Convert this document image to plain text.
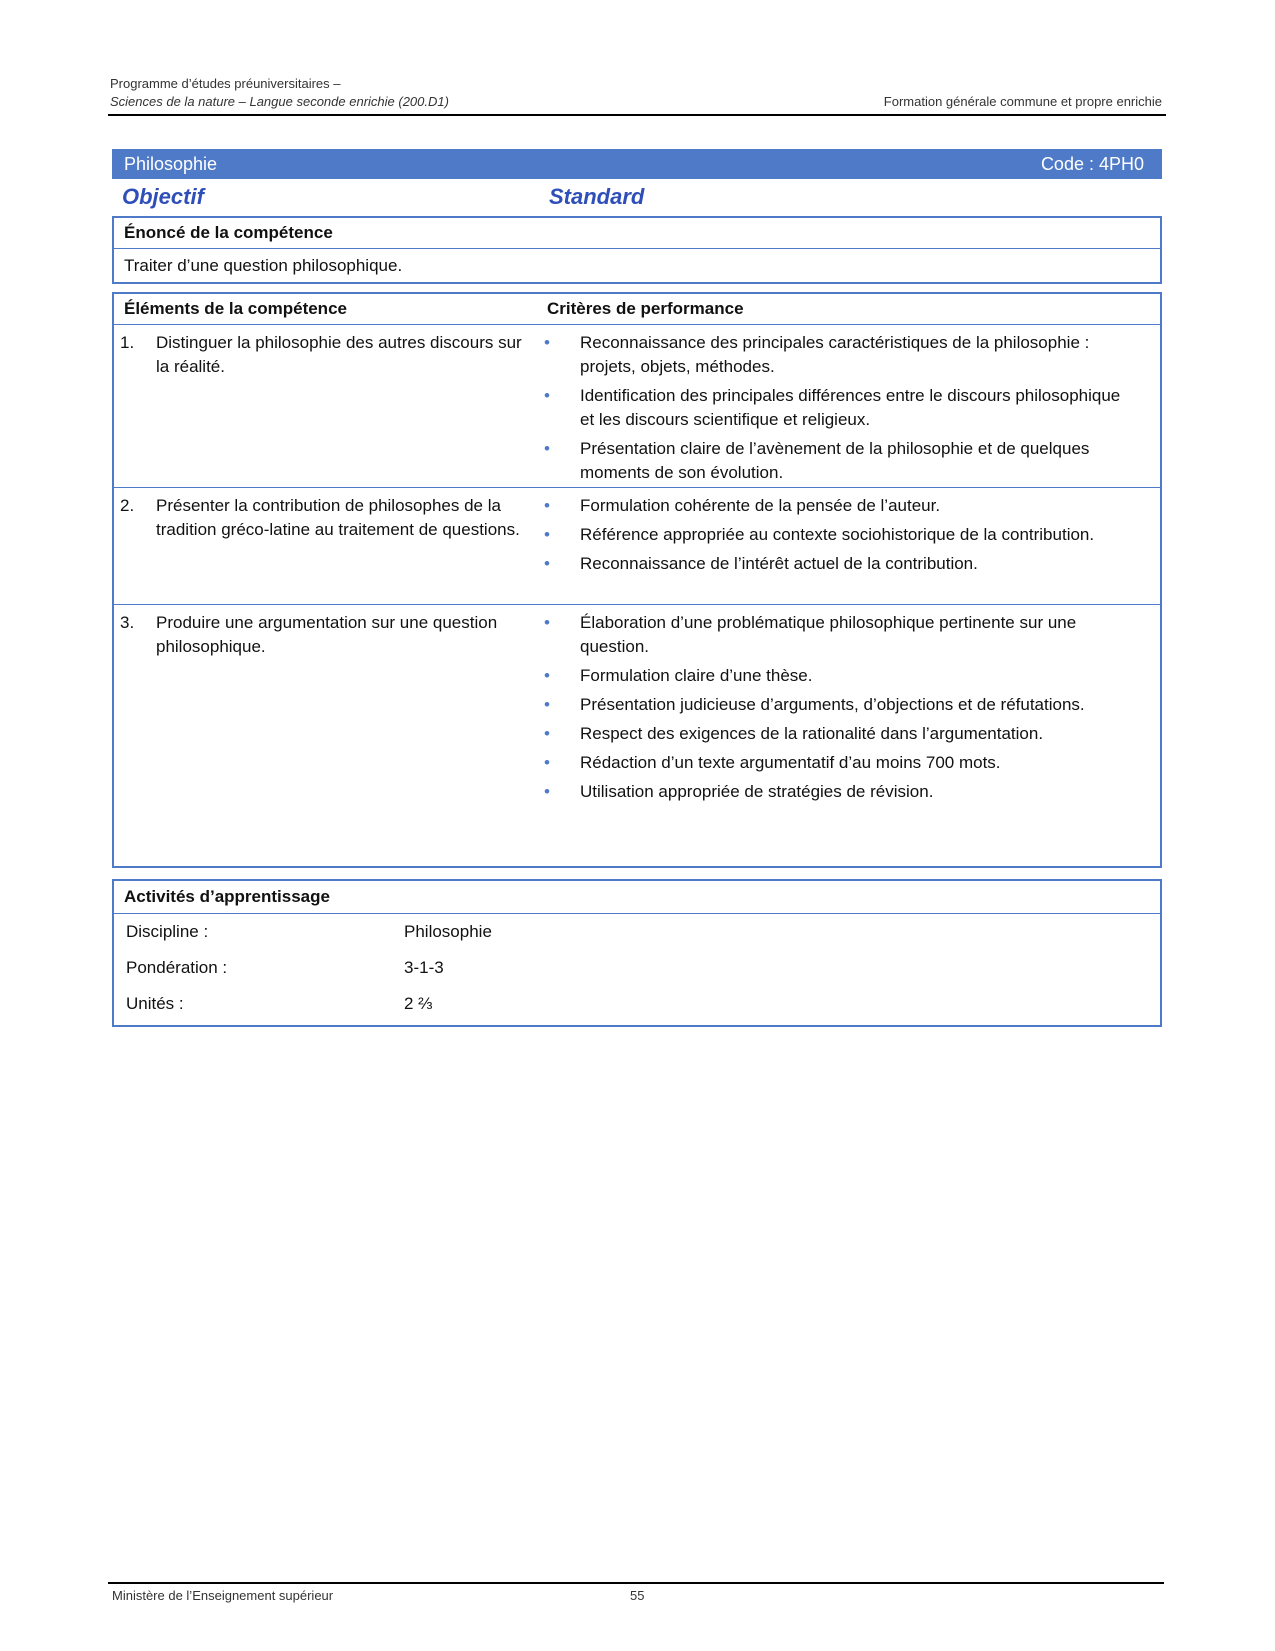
Programme d’études préuniversitaires –
Sciences de la nature – Langue seconde enrichie (200.D1)	Formation générale commune et propre enrichie
Philosophie	Code : 4PH0
Objectif	Standard
Énoncé de la compétence
Traiter d’une question philosophique.
Éléments de la compétence	Critères de performance
1. Distinguer la philosophie des autres discours sur la réalité.
• Reconnaissance des principales caractéristiques de la philosophie : projets, objets, méthodes.
• Identification des principales différences entre le discours philosophique et les discours scientifique et religieux.
• Présentation claire de l’avènement de la philosophie et de quelques moments de son évolution.
2. Présenter la contribution de philosophes de la tradition gréco-latine au traitement de questions.
• Formulation cohérente de la pensée de l’auteur.
• Référence appropriée au contexte sociohistorique de la contribution.
• Reconnaissance de l’intérêt actuel de la contribution.
3. Produire une argumentation sur une question philosophique.
• Élaboration d’une problématique philosophique pertinente sur une question.
• Formulation claire d’une thèse.
• Présentation judicieuse d’arguments, d’objections et de réfutations.
• Respect des exigences de la rationalité dans l’argumentation.
• Rédaction d’un texte argumentatif d’au moins 700 mots.
• Utilisation appropriée de stratégies de révision.
Activités d’apprentissage
Discipline :	Philosophie
Pondération :	3-1-3
Unités :	2 ⅔
Ministère de l’Enseignement supérieur	55
